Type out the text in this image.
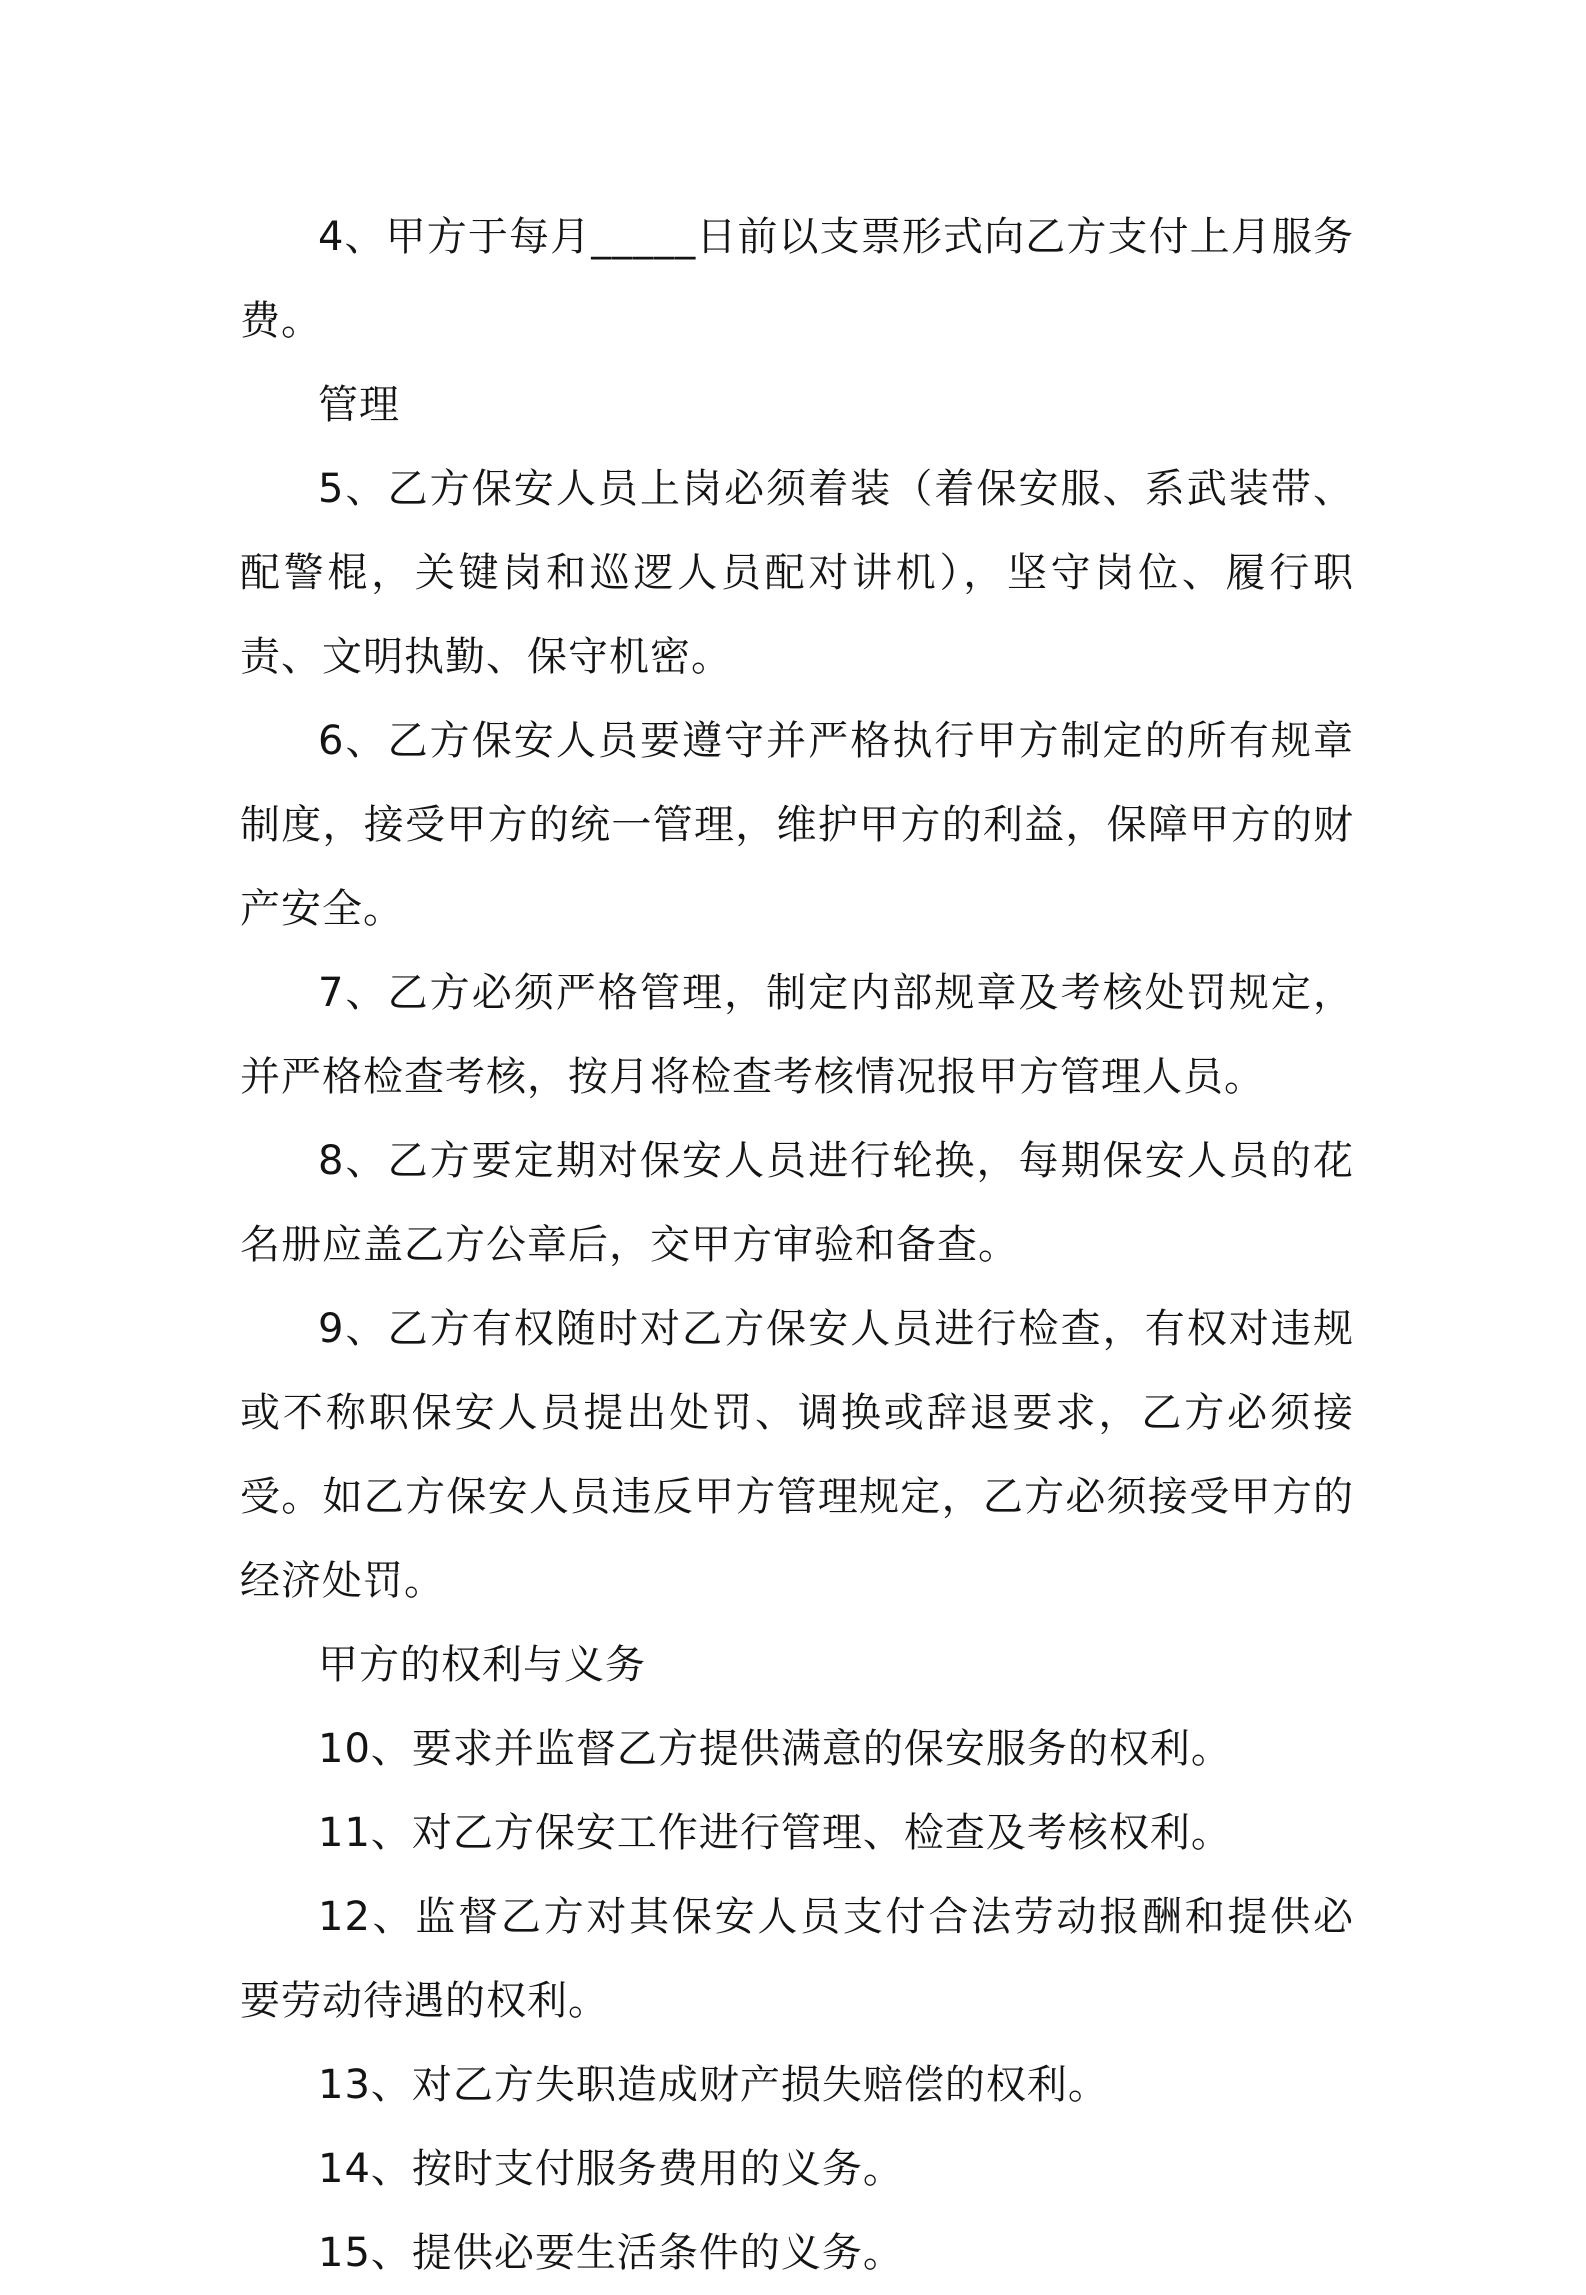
4、甲方于每月_____日前以支票形式向乙方支付上月服务费。

管理

5、乙方保安人员上岗必须着装（着保安服、系武装带、配警棍，关键岗和巡逻人员配对讲机），坚守岗位、履行职责、文明执勤、保守机密。

6、乙方保安人员要遵守并严格执行甲方制定的所有规章制度，接受甲方的统一管理，维护甲方的利益，保障甲方的财产安全。

7、乙方必须严格管理，制定内部规章及考核处罚规定，并严格检查考核，按月将检查考核情况报甲方管理人员。

8、乙方要定期对保安人员进行轮换，每期保安人员的花名册应盖乙方公章后，交甲方审验和备查。

9、乙方有权随时对乙方保安人员进行检查，有权对违规或不称职保安人员提出处罚、调换或辞退要求，乙方必须接受。如乙方保安人员违反甲方管理规定，乙方必须接受甲方的经济处罚。

甲方的权利与义务

10、要求并监督乙方提供满意的保安服务的权利。

11、对乙方保安工作进行管理、检查及考核权利。

12、监督乙方对其保安人员支付合法劳动报酬和提供必要劳动待遇的权利。

13、对乙方失职造成财产损失赔偿的权利。

14、按时支付服务费用的义务。

15、提供必要生活条件的义务。
